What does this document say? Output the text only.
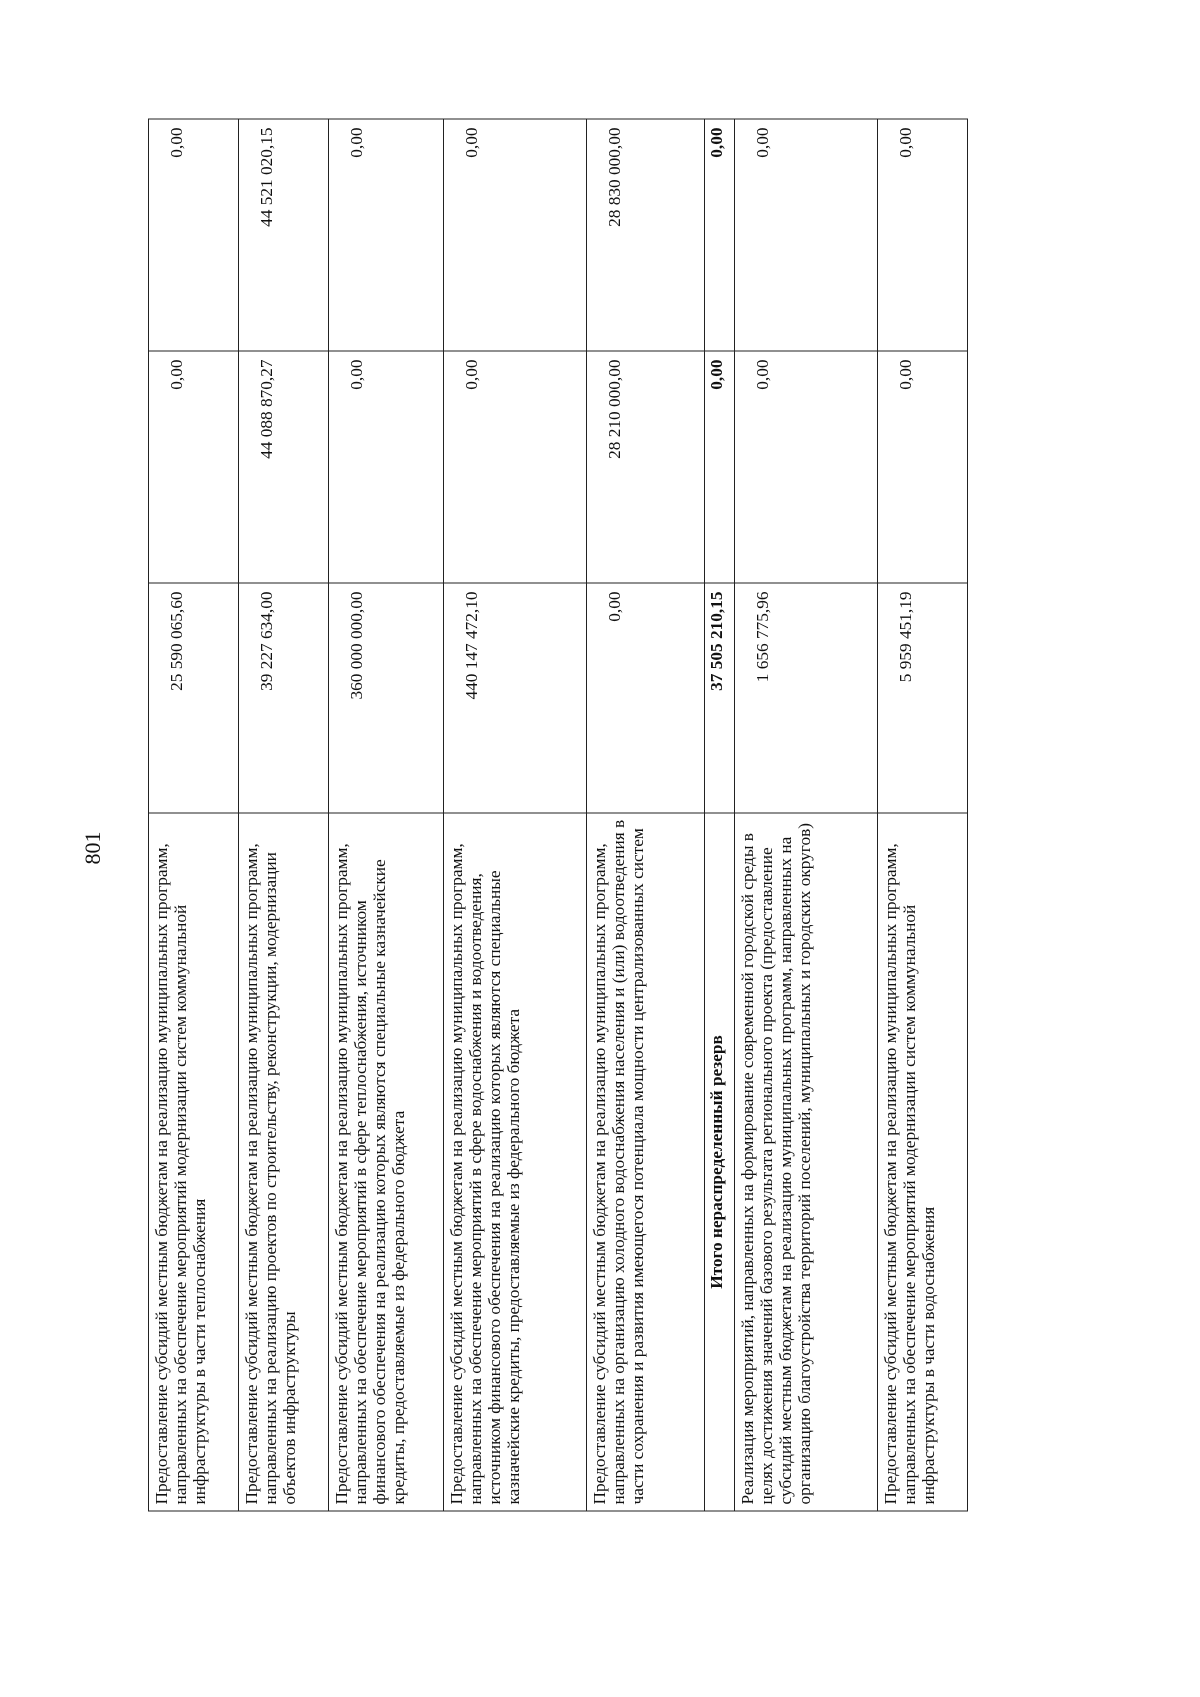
801	Предоставление субсидий местным бюджетам на реализацию муниципальных программ, направленных на обеспечение мероприятий модернизации систем коммунальной инфраструктуры в части теплоснабжения	25 590 065,60	0,00	0,00
Предоставление субсидий местным бюджетам на реализацию муниципальных программ, направленных на реализацию проектов по строительству, реконструкции, модернизации объектов инфраструктуры	39 227 634,00	44 088 870,27	44 521 020,15
Предоставление субсидий местным бюджетам на реализацию муниципальных программ, направленных на обеспечение мероприятий в сфере теплоснабжения, источником финансового обеспечения на реализацию которых являются специальные казначейские кредиты, предоставляемые из федерального бюджета	360 000 000,00	0,00	0,00
Предоставление субсидий местным бюджетам на реализацию муниципальных программ, направленных на обеспечение мероприятий в сфере водоснабжения и водоотведения, источником финансового обеспечения на реализацию которых являются специальные казначейские кредиты, предоставляемые из федерального бюджета	440 147 472,10	0,00	0,00
Предоставление субсидий местным бюджетам на реализацию муниципальных программ, направленных на организацию холодного водоснабжения населения и (или) водоотведения в части сохранения и развития имеющегося потенциала мощности централизованных систем	0,00	28 210 000,00	28 830 000,00
Итого нераспределенный резерв	37 505 210,15	0,00	0,00
Реализация мероприятий, направленных на формирование современной городской среды в целях достижения значений базового результата регионального проекта (предоставление субсидий местным бюджетам на реализацию муниципальных программ, направленных на организацию благоустройства территорий поселений, муниципальных и городских округов)	1 656 775,96	0,00	0,00
Предоставление субсидий местным бюджетам на реализацию муниципальных программ, направленных на обеспечение мероприятий модернизации систем коммунальной инфраструктуры в части водоснабжения	5 959 451,19	0,00	0,00
